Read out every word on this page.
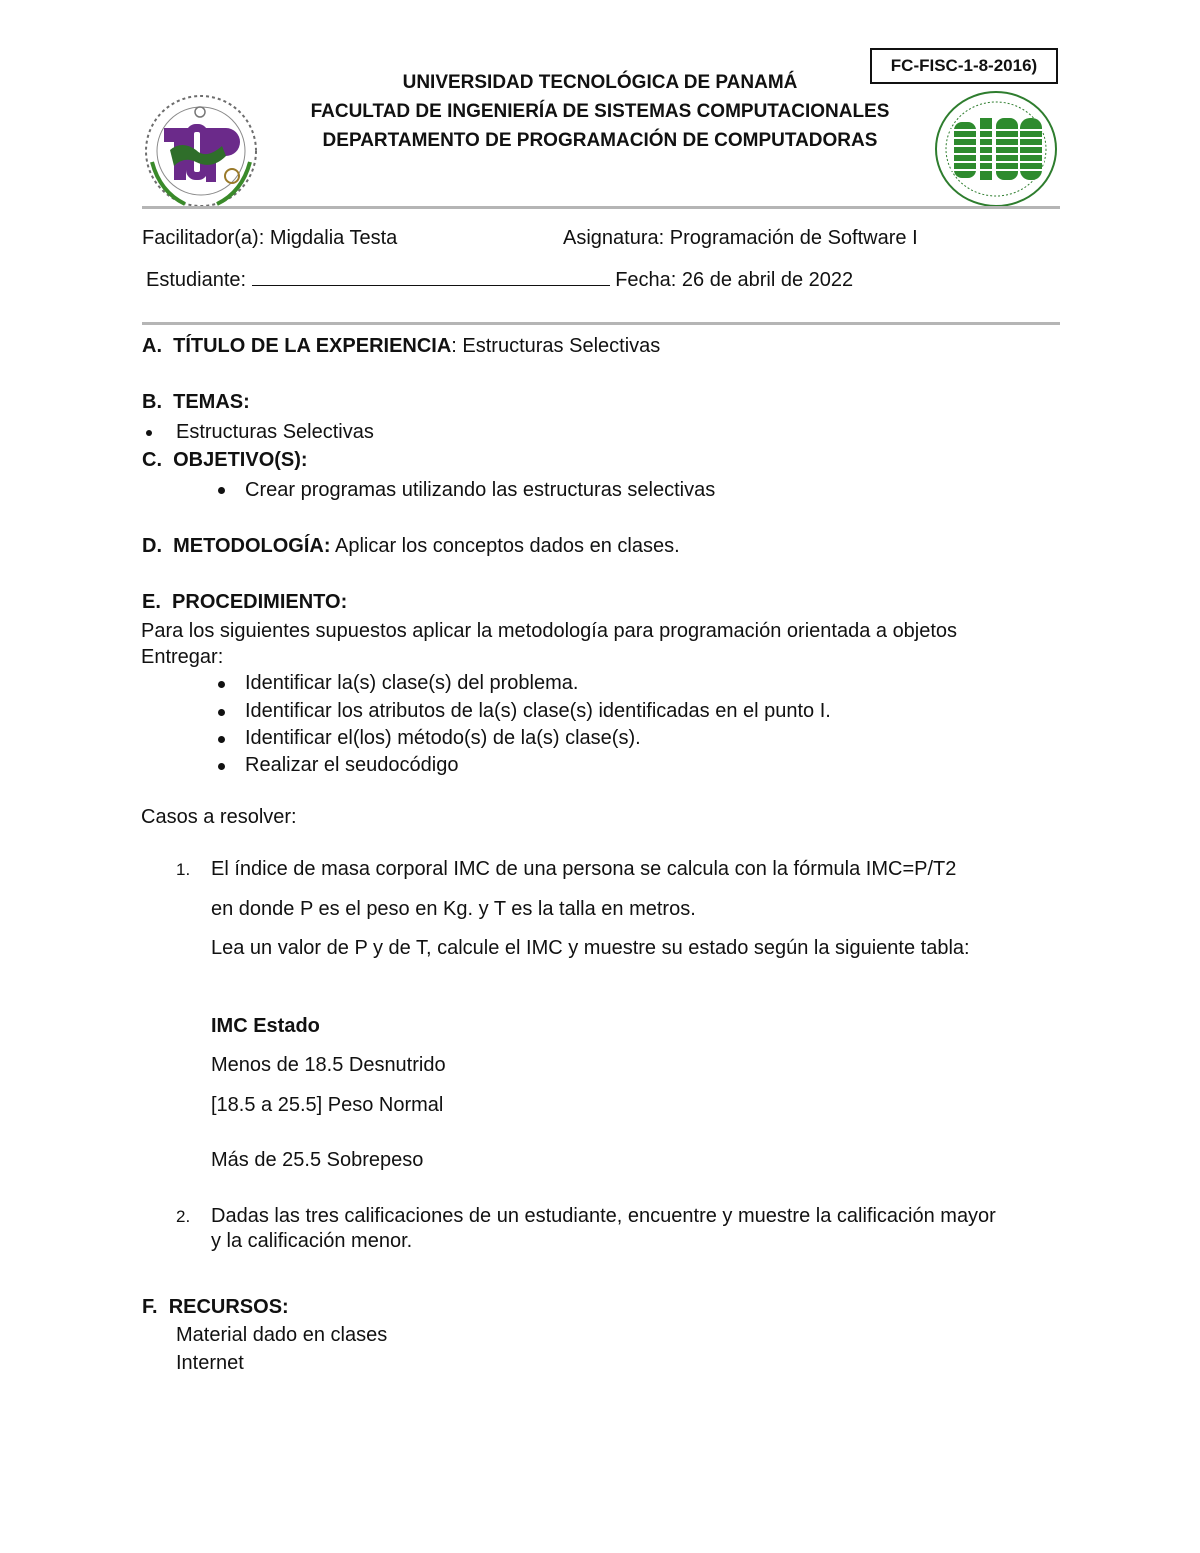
FC-FISC-1-8-2016)
UNIVERSIDAD TECNOLÓGICA DE PANAMÁ
FACULTAD DE INGENIERÍA DE SISTEMAS COMPUTACIONALES
DEPARTAMENTO DE PROGRAMACIÓN DE COMPUTADORAS
Facilitador(a): Migdalia Testa	Asignatura: Programación de Software I
Estudiante:	Fecha: 26 de abril de 2022
A. TÍTULO DE LA EXPERIENCIA: Estructuras Selectivas
B. TEMAS:
Estructuras Selectivas
C. OBJETIVO(S):
Crear programas utilizando las estructuras selectivas
D. METODOLOGÍA: Aplicar los conceptos dados en clases.
E. PROCEDIMIENTO:
Para los siguientes supuestos aplicar la metodología para programación orientada a objetos
Entregar:
Identificar la(s) clase(s) del problema.
Identificar los atributos de la(s) clase(s) identificadas en el punto I.
Identificar el(los) método(s) de la(s) clase(s).
Realizar el seudocódigo
Casos a resolver:
1. El índice de masa corporal IMC de una persona se calcula con la fórmula IMC=P/T2
en donde P es el peso en Kg. y T es la talla en metros.
Lea un valor de P y de T, calcule el IMC y muestre su estado según la siguiente tabla:
IMC Estado
Menos de 18.5 Desnutrido
[18.5 a 25.5] Peso Normal
Más de 25.5 Sobrepeso
2. Dadas las tres calificaciones de un estudiante, encuentre y muestre la calificación mayor
y la calificación menor.
F. RECURSOS:
Material dado en clases
Internet
